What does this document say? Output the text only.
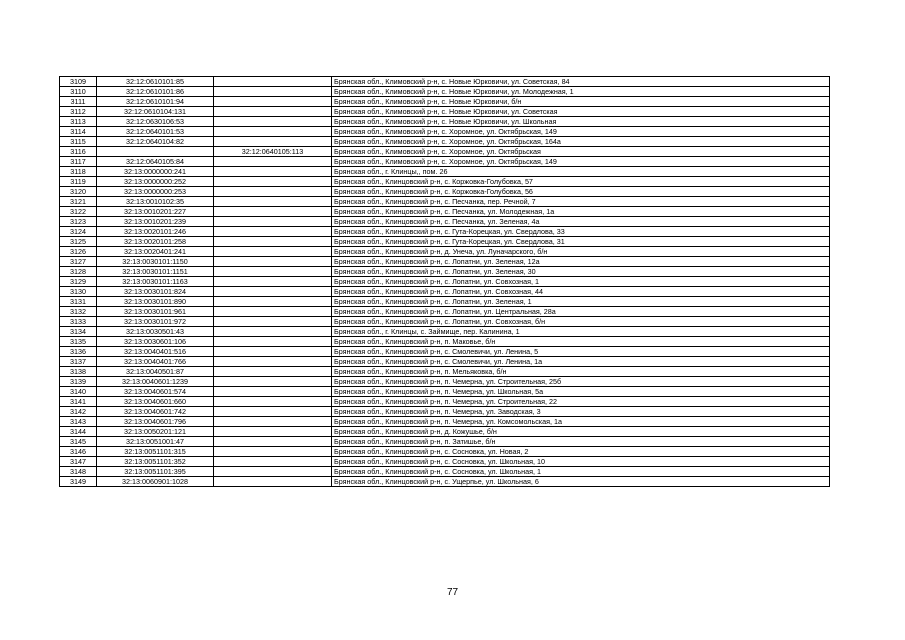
3109	32:12:0610101:85		Брянская обл., Климовский р-н, с. Новые Юрковичи, ул. Советская, 84
3110	32:12:0610101:86		Брянская обл., Климовский р-н, с. Новые Юрковичи, ул. Молодежная, 1
3111	32:12:0610101:94		Брянская обл., Климовский р-н, с. Новые Юрковичи, б/н
3112	32:12:0610104:131		Брянская обл., Климовский р-н, с. Новые Юрковичи, ул. Советская
3113	32:12:0630106:53		Брянская обл., Климовский р-н, с. Новые Юрковичи, ул. Школьная
3114	32:12:0640101:53		Брянская обл., Климовский р-н, с. Хоромное, ул. Октябрьская, 149
3115	32:12:0640104:82		Брянская обл., Климовский р-н, с. Хоромное, ул. Октябрьская, 164а
3116		32:12:0640105:113	Брянская обл., Климовский р-н, с. Хоромное, ул. Октябрьская
3117	32:12:0640105:84		Брянская обл., Климовский р-н, с. Хоромное, ул. Октябрьская, 149
3118	32:13:0000000:241		Брянская обл., г. Клинцы,, пом. 26
3119	32:13:0000000:252		Брянская обл., Клинцовский р-н, с. Коржовка-Голубовка, 57
3120	32:13:0000000:253		Брянская обл., Клинцовский р-н, с. Коржовка-Голубовка, 56
3121	32:13:0010102:35		Брянская обл., Клинцовский р-н, с. Песчанка, пер. Речной, 7
3122	32:13:0010201:227		Брянская обл., Клинцовский р-н, с. Песчанка, ул. Молодежная, 1а
3123	32:13:0010201:239		Брянская обл., Клинцовский р-н, с. Песчанка, ул. Зеленая, 4а
3124	32:13:0020101:246		Брянская обл., Клинцовский р-н, с. Гута-Корецкая, ул. Свердлова, 33
3125	32:13:0020101:258		Брянская обл., Клинцовский р-н, с. Гута-Корецкая, ул. Свердлова, 31
3126	32:13:0020401:241		Брянская обл., Клинцовский р-н, д. Унеча, ул. Луначарского, б/н
3127	32:13:0030101:1150		Брянская обл., Клинцовский р-н, с. Лопатни, ул. Зеленая, 12а
3128	32:13:0030101:1151		Брянская обл., Клинцовский р-н, с. Лопатни, ул. Зеленая, 30
3129	32:13:0030101:1163		Брянская обл., Клинцовский р-н, с. Лопатни, ул. Совхозная, 1
3130	32:13:0030101:824		Брянская обл., Клинцовский р-н, с. Лопатни, ул. Совхозная, 44
3131	32:13:0030101:890		Брянская обл., Клинцовский р-н, с. Лопатни, ул. Зеленая, 1
3132	32:13:0030101:961		Брянская обл., Клинцовский р-н, с. Лопатни, ул. Центральная, 28а
3133	32:13:0030101:972		Брянская обл., Клинцовский р-н, с. Лопатни, ул. Совхозная, б/н
3134	32:13:0030501:43		Брянская обл., г. Клинцы, с. Займище, пер. Калинина, 1
3135	32:13:0030601:106		Брянская обл., Клинцовский р-н, п. Маковье, б/н
3136	32:13:0040401:516		Брянская обл., Клинцовский р-н, с. Смолевичи, ул. Ленина, 5
3137	32:13:0040401:766		Брянская обл., Клинцовский р-н, с. Смолевичи, ул. Ленина, 1а
3138	32:13:0040501:87		Брянская обл., Клинцовский р-н, п. Мельяковка, б/н
3139	32:13:0040601:1239		Брянская обл., Клинцовский р-н, п. Чемерна, ул. Строительная, 25б
3140	32:13:0040601:574		Брянская обл., Клинцовский р-н, п. Чемерна, ул. Школьная, 5а
3141	32:13:0040601:660		Брянская обл., Клинцовский р-н, п. Чемерна, ул. Строительная, 22
3142	32:13:0040601:742		Брянская обл., Клинцовский р-н, п. Чемерна, ул. Заводская, 3
3143	32:13:0040601:796		Брянская обл., Клинцовский р-н, п. Чемерна, ул. Комсомольская, 1а
3144	32:13:0050201:121		Брянская обл., Клинцовский р-н, д. Кожушье, б/н
3145	32:13:0051001:47		Брянская обл., Клинцовский р-н, п. Затишье, б/н
3146	32:13:0051101:315		Брянская обл., Клинцовский р-н, с. Сосновка, ул. Новая, 2
3147	32:13:0051101:352		Брянская обл., Клинцовский р-н, с. Сосновка, ул. Школьная, 10
3148	32:13:0051101:395		Брянская обл., Клинцовский р-н, с. Сосновка, ул. Школьная, 1
3149	32:13:0060901:1028		Брянская обл., Клинцовский р-н, с. Ущерпье, ул. Школьная, 6
77
